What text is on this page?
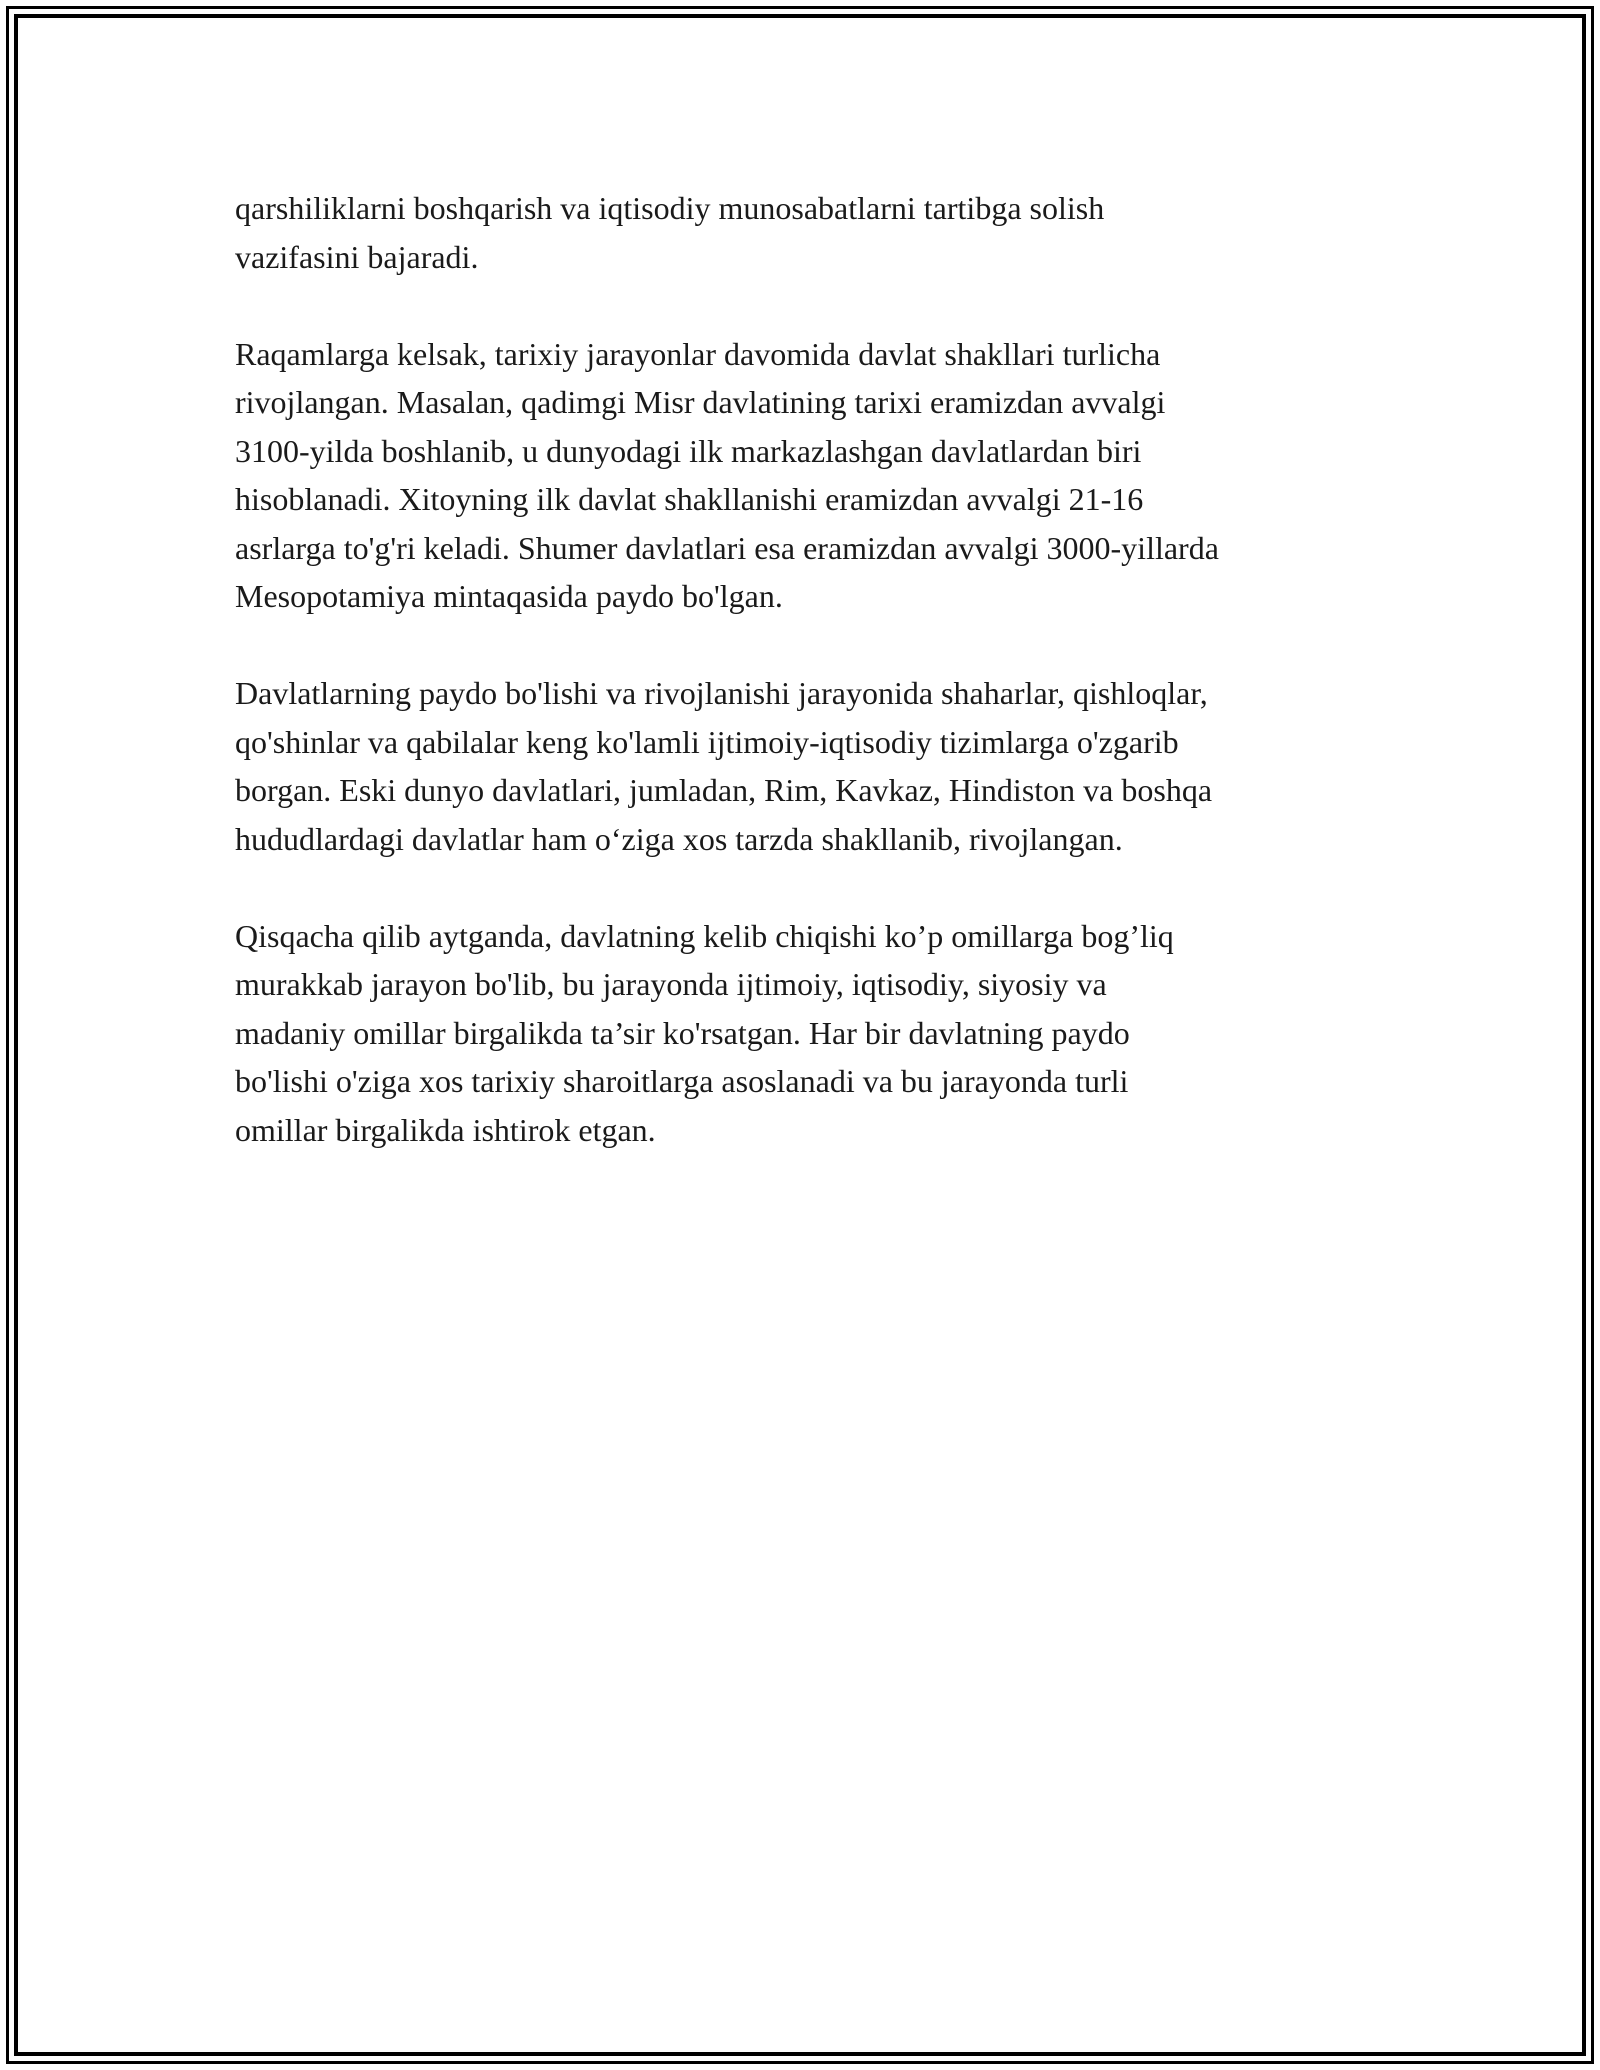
qarshiliklarni boshqarish va iqtisodiy munosabatlarni tartibga solish
vazifasini bajaradi.

Raqamlarga kelsak, tarixiy jarayonlar davomida davlat shakllari turlicha
rivojlangan. Masalan, qadimgi Misr davlatining tarixi eramizdan avvalgi
3100-yilda boshlanib, u dunyodagi ilk markazlashgan davlatlardan biri
hisoblanadi. Xitoyning ilk davlat shakllanishi eramizdan avvalgi 21-16
asrlarga to'g'ri keladi. Shumer davlatlari esa eramizdan avvalgi 3000-yillarda
Mesopotamiya mintaqasida paydo bo'lgan.

Davlatlarning paydo bo'lishi va rivojlanishi jarayonida shaharlar, qishloqlar,
qo'shinlar va qabilalar keng ko'lamli ijtimoiy-iqtisodiy tizimlarga o'zgarib
borgan. Eski dunyo davlatlari, jumladan, Rim, Kavkaz, Hindiston va boshqa
hududlardagi davlatlar ham o‘ziga xos tarzda shakllanib, rivojlangan.

Qisqacha qilib aytganda, davlatning kelib chiqishi ko’p omillarga bog’liq
murakkab jarayon bo'lib, bu jarayonda ijtimoiy, iqtisodiy, siyosiy va
madaniy omillar birgalikda ta’sir ko'rsatgan. Har bir davlatning paydo
bo'lishi o'ziga xos tarixiy sharoitlarga asoslanadi va bu jarayonda turli
omillar birgalikda ishtirok etgan.
